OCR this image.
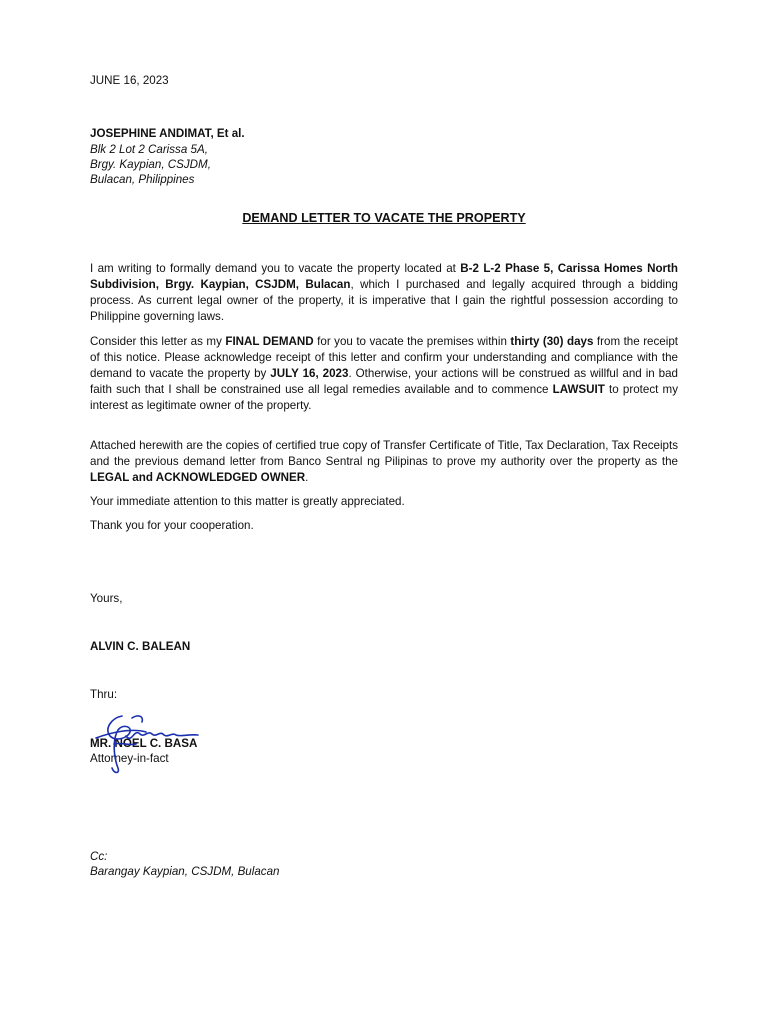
JUNE 16, 2023
JOSEPHINE ANDIMAT, Et al.
Blk 2 Lot 2 Carissa 5A,
Brgy. Kaypian, CSJDM,
Bulacan, Philippines
DEMAND LETTER TO VACATE THE PROPERTY

I am writing to formally demand you to vacate the property located at B-2 L-2 Phase 5, Carissa Homes North Subdivision, Brgy. Kaypian, CSJDM, Bulacan, which I purchased and legally acquired through a bidding process. As current legal owner of the property, it is imperative that I gain the rightful possession according to Philippine governing laws.

Consider this letter as my FINAL DEMAND for you to vacate the premises within thirty (30) days from the receipt of this notice. Please acknowledge receipt of this letter and confirm your understanding and compliance with the demand to vacate the property by JULY 16, 2023. Otherwise, your actions will be construed as willful and in bad faith such that I shall be constrained use all legal remedies available and to commence LAWSUIT to protect my interest as legitimate owner of the property.

Attached herewith are the copies of certified true copy of Transfer Certificate of Title, Tax Declaration, Tax Receipts and the previous demand letter from Banco Sentral ng Pilipinas to prove my authority over the property as the LEGAL and ACKNOWLEDGED OWNER.

Your immediate attention to this matter is greatly appreciated.

Thank you for your cooperation.

Yours,
ALVIN C. BALEAN
Thru:
MR. NOEL C. BASA
Attorney-in-fact
Cc:
Barangay Kaypian, CSJDM, Bulacan
